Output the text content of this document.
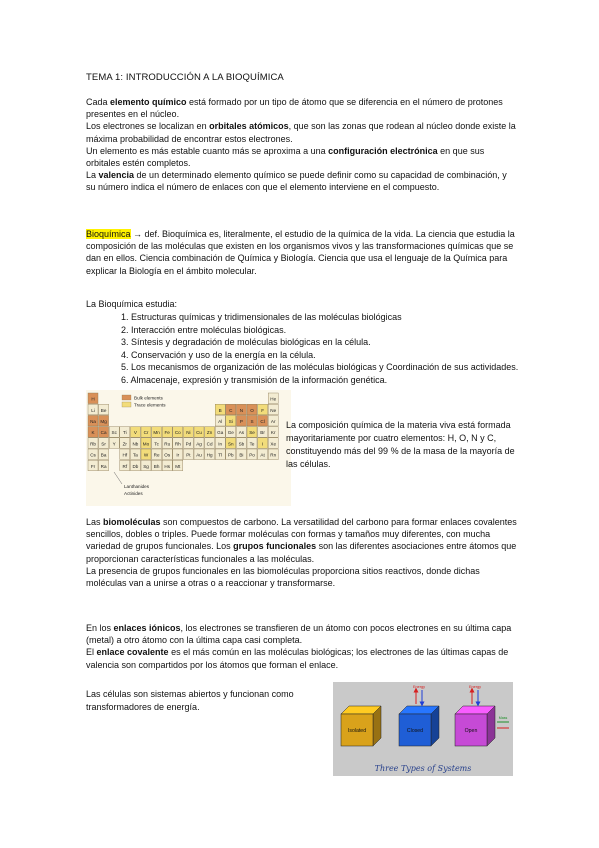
TEMA 1: INTRODUCCIÓN A LA BIOQUÍMICA

Cada elemento químico está formado por un tipo de átomo que se diferencia en el número de protones presentes en el núcleo.

Los electrones se localizan en orbitales atómicos, que son las zonas que rodean al núcleo donde existe la máxima probabilidad de encontrar estos electrones.

Un elemento es más estable cuanto más se aproxima a una configuración electrónica en que sus orbitales estén completos.

La valencia de un determinado elemento químico se puede definir como su capacidad de combinación, y su número indica el número de enlaces con que el elemento interviene en el compuesto.

Bioquímica → def. Bioquímica es, literalmente, el estudio de la química de la vida. La ciencia que estudia la composición de las moléculas que existen en los organismos vivos y las transformaciones químicas que se dan en ellos. Ciencia combinación de Química y Biología. Ciencia que usa el lenguaje de la Química para explicar la Biología en el ámbito molecular.

La Bioquímica estudia:
1. Estructuras químicas y tridimensionales de las moléculas biológicas
2. Interacción entre moléculas biológicas.
3. Síntesis y degradación de moléculas biológicas en la célula.
4. Conservación y uso de la energía en la célula.
5. Los mecanismos de organización de las moléculas biológicas y Coordinación de sus actividades.
6. Almacenaje, expresión y transmisión de la información genética.
H	He
Li Be	B C N O F Ne
Na Mg	Al Si P S Cl Ar
K Ca Sc Ti V Cr Mn Fe Co Ni Cu Zn Ga Ge As Se Br Kr
Rb Sr Y Zr Nb Mo Tc Ru Rh Pd Ag Cd In Sn Sb Te I Xe
Cs Ba	Hf Ta W Re Os Ir Pt Au Hg Tl Pb Bi Po At Rn
Fr Ra	Rf Db Sg Bh Hs Mt
Bulk elements
Trace elements
Lanthanides
Actinides
La composición química de la materia viva está formada mayoritariamente por cuatro elementos: H, O, N y C, constituyendo más del 99 % de la masa de la mayoría de las células.

Las biomoléculas son compuestos de carbono. La versatilidad del carbono para formar enlaces covalentes sencillos, dobles o triples. Puede formar moléculas con formas y tamaños muy diferentes, con mucha variedad de grupos funcionales. Los grupos funcionales son las diferentes asociaciones entre átomos que proporcionan características funcionales a las moléculas.

La presencia de grupos funcionales en las biomoléculas proporciona sitios reactivos, donde dichas moléculas van a unirse a otras o a reaccionar y transformarse.

En los enlaces iónicos, los electrones se transfieren de un átomo con pocos electrones en su última capa (metal) a otro átomo con la última capa casi completa.

El enlace covalente es el más común en las moléculas biológicas; los electrones de las últimas capas de valencia son compartidos por los átomos que forman el enlace.

Las células son sistemas abiertos y funcionan como transformadores de energía.
Isolated	Closed
Energy
Open
Energy
Mass
Three Types of Systems
